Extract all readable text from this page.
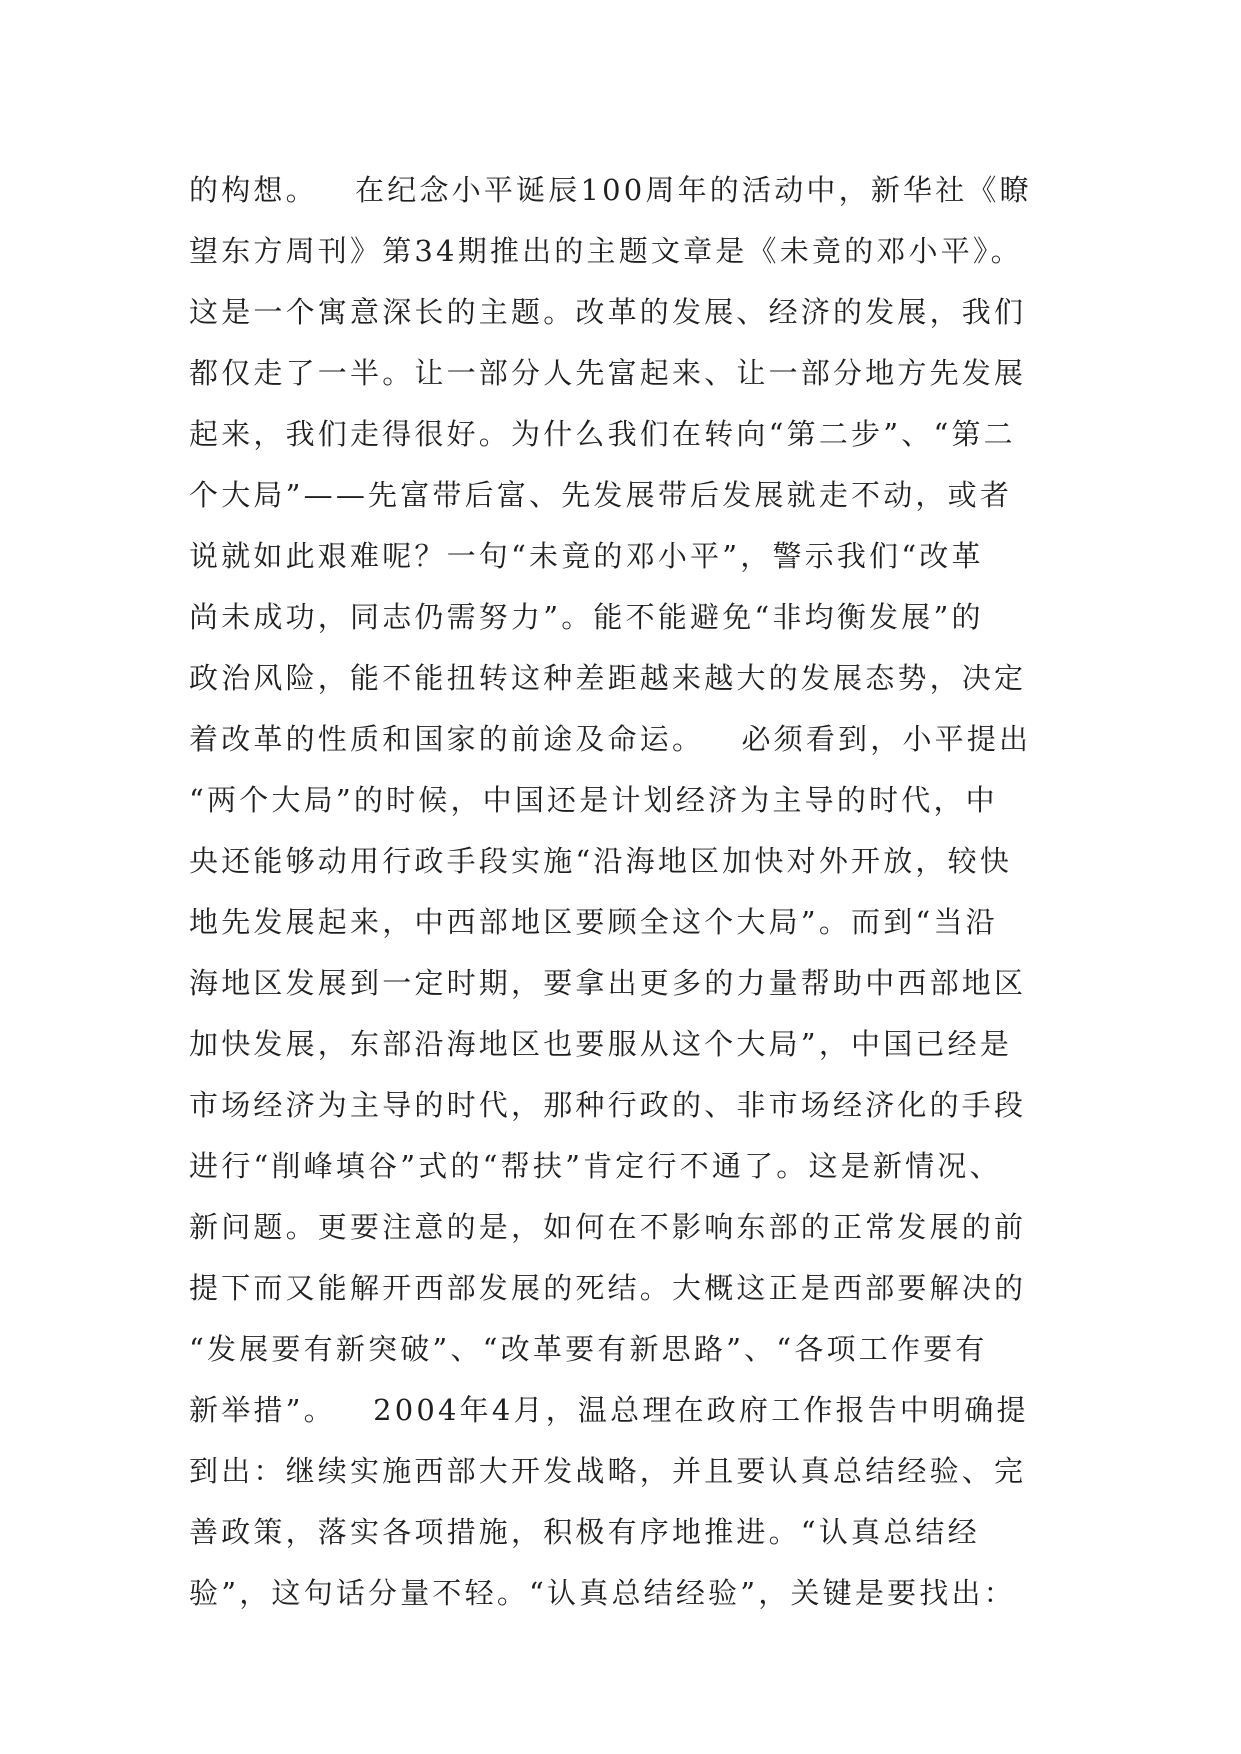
的构想。   在纪念小平诞辰100周年的活动中，新华社《瞭
望东方周刊》第34期推出的主题文章是《未竟的邓小平》。
这是一个寓意深长的主题。改革的发展、经济的发展，我们
都仅走了一半。让一部分人先富起来、让一部分地方先发展
起来，我们走得很好。为什么我们在转向“第二步”、“第二
个大局”——先富带后富、先发展带后发展就走不动，或者
说就如此艰难呢？一句“未竟的邓小平”，警示我们“改革
尚未成功，同志仍需努力”。能不能避免“非均衡发展”的
政治风险，能不能扭转这种差距越来越大的发展态势，决定
着改革的性质和国家的前途及命运。   必须看到，小平提出
“两个大局”的时候，中国还是计划经济为主导的时代，中
央还能够动用行政手段实施“沿海地区加快对外开放，较快
地先发展起来，中西部地区要顾全这个大局”。而到“当沿
海地区发展到一定时期，要拿出更多的力量帮助中西部地区
加快发展，东部沿海地区也要服从这个大局”，中国已经是
市场经济为主导的时代，那种行政的、非市场经济化的手段
进行“削峰填谷”式的“帮扶”肯定行不通了。这是新情况、
新问题。更要注意的是，如何在不影响东部的正常发展的前
提下而又能解开西部发展的死结。大概这正是西部要解决的
“发展要有新突破”、“改革要有新思路”、“各项工作要有
新举措”。   2004年4月，温总理在政府工作报告中明确提
到出：继续实施西部大开发战略，并且要认真总结经验、完
善政策，落实各项措施，积极有序地推进。“认真总结经
验”，这句话分量不轻。“认真总结经验”，关键是要找出：
